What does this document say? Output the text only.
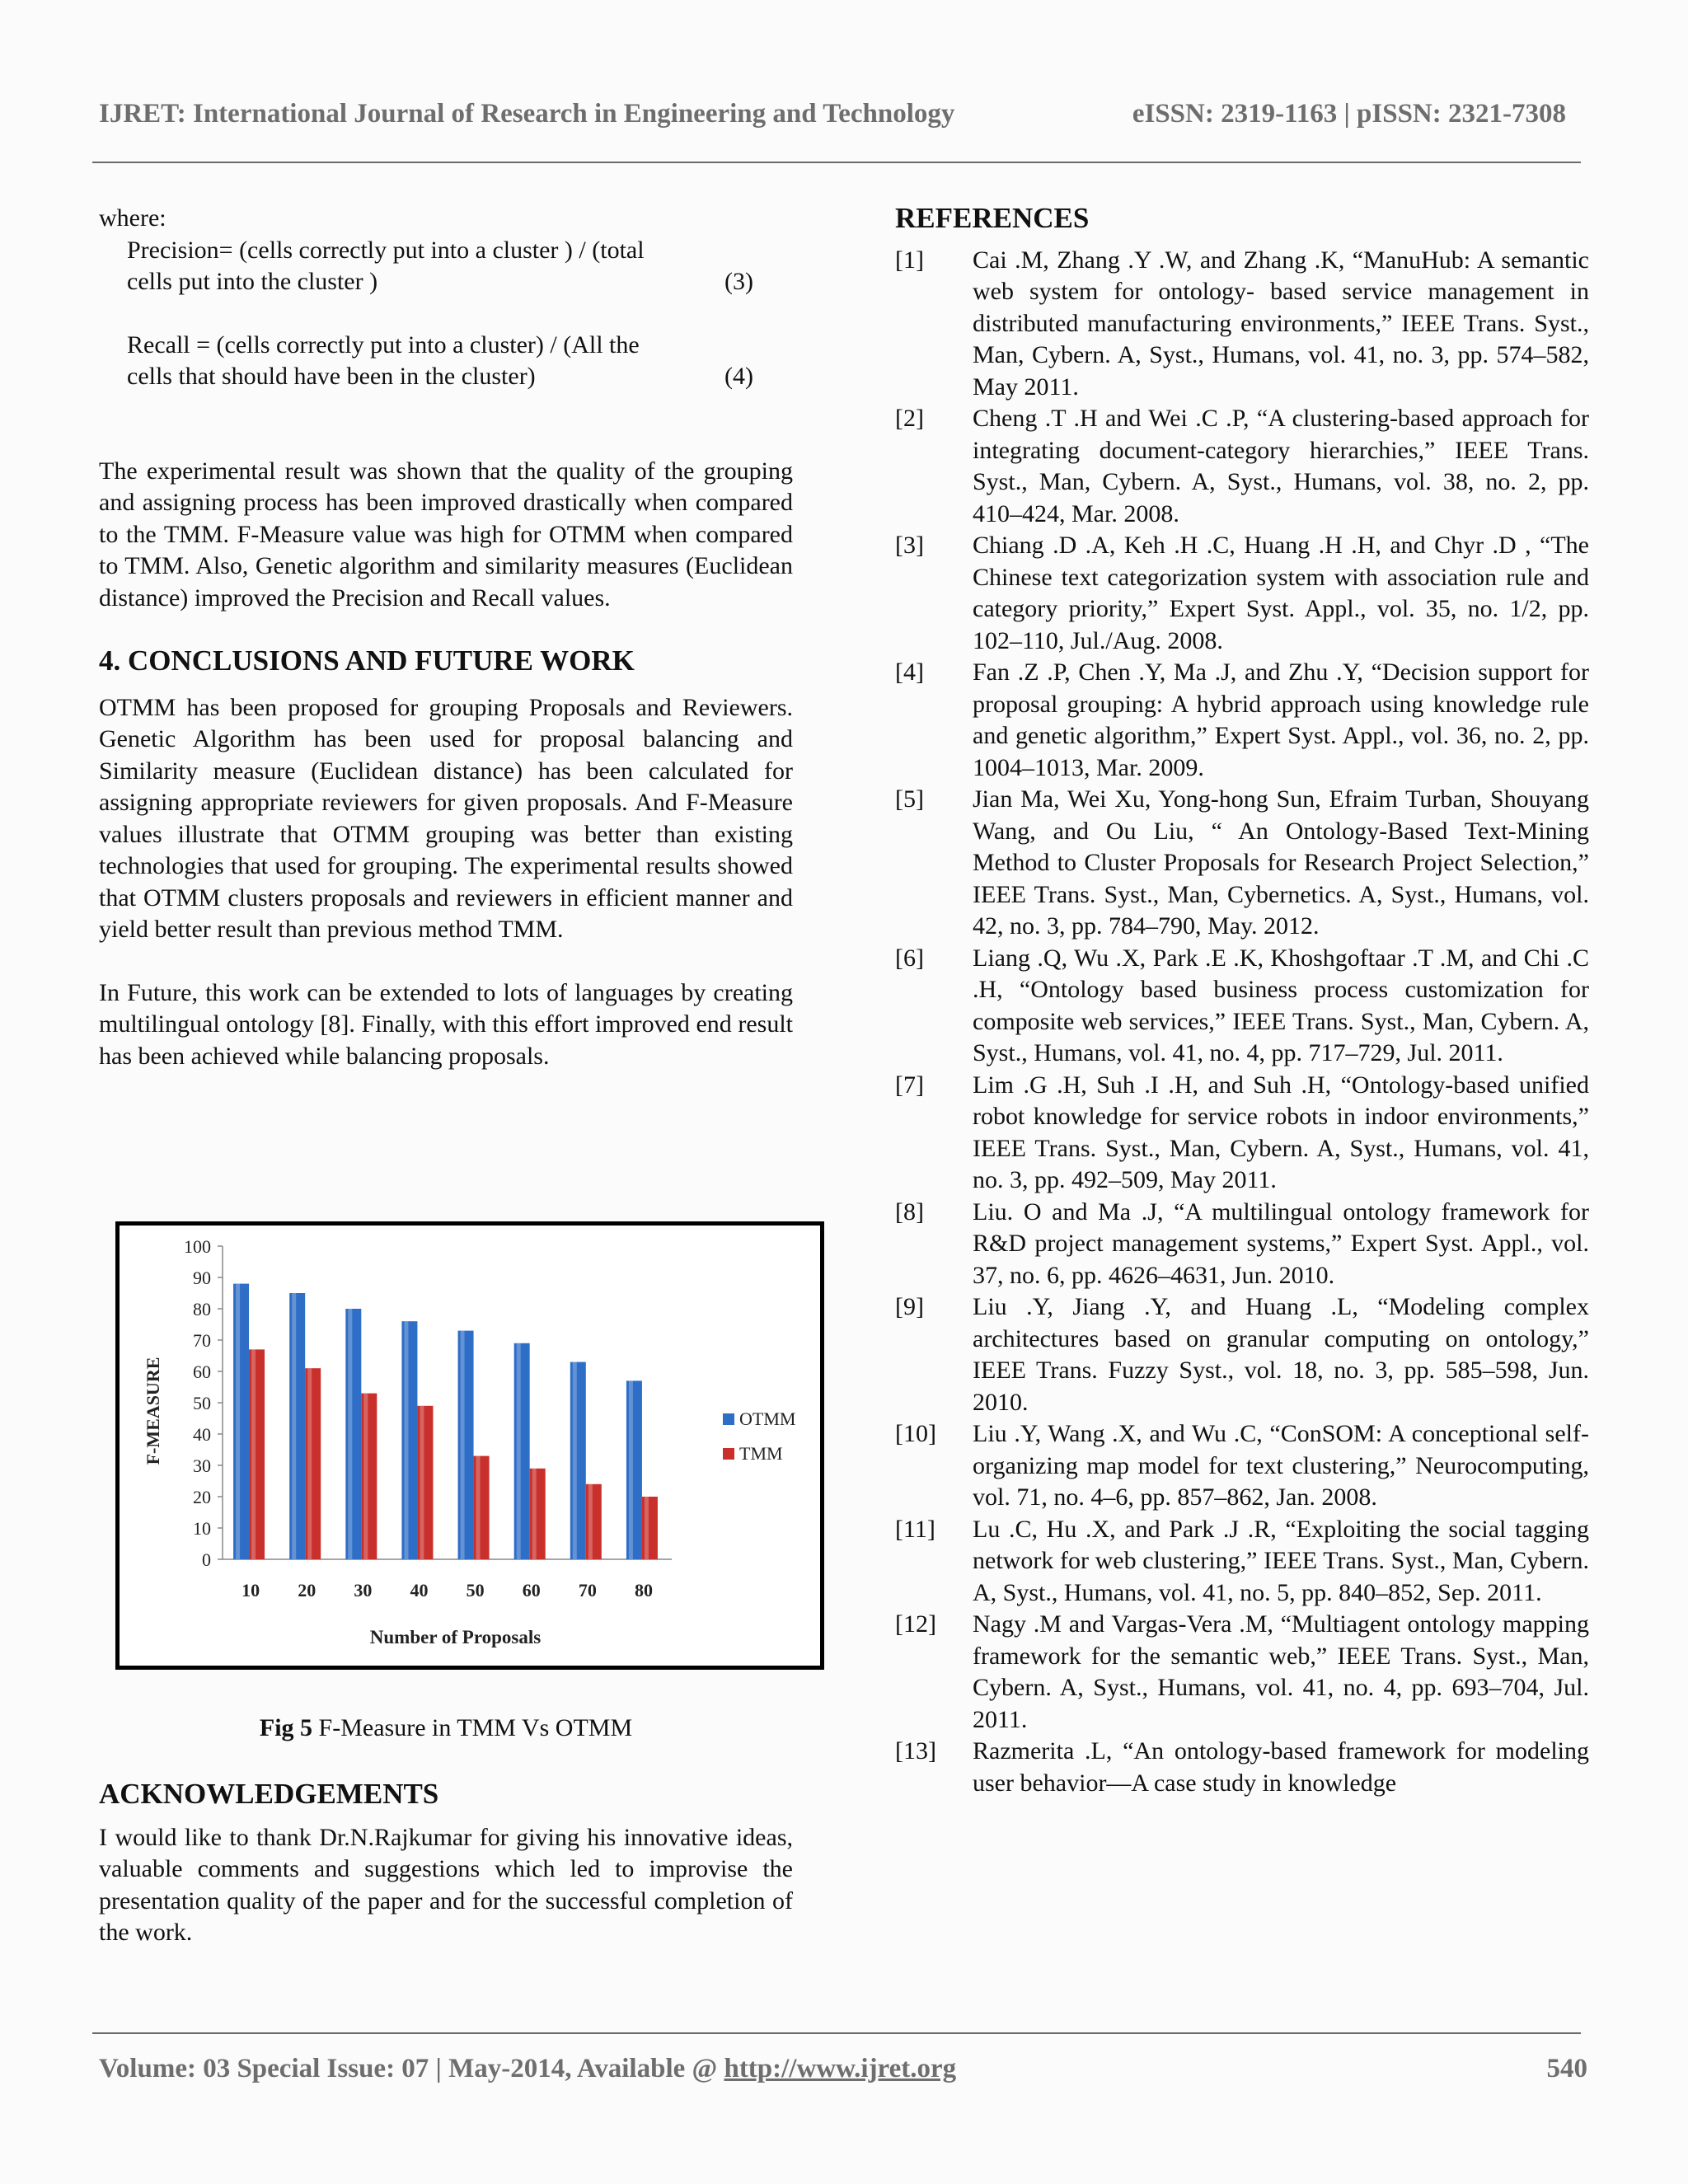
IJRET: International Journal of Research in Engineering and Technology	eISSN: 2319-1163 | pISSN: 2321-7308

where:

Precision= (cells correctly put into a cluster ) / (total cells put into the cluster )	(3)
Recall = (cells correctly put into a cluster) / (All the cells that should have been in the cluster)	(4)

The experimental result was shown that the quality of the grouping and assigning process has been improved drastically when compared to the TMM. F-Measure value was high for OTMM when compared to TMM. Also, Genetic algorithm and similarity measures (Euclidean distance) improved the Precision and Recall values.

4. CONCLUSIONS AND FUTURE WORK

OTMM has been proposed for grouping Proposals and Reviewers. Genetic Algorithm has been used for proposal balancing and Similarity measure (Euclidean distance) has been calculated for assigning appropriate reviewers for given proposals. And F-Measure values illustrate that OTMM grouping was better than existing technologies that used for grouping. The experimental results showed that OTMM clusters proposals and reviewers in efficient manner and yield better result than previous method TMM.

In Future, this work can be extended to lots of languages by creating multilingual ontology [8]. Finally, with this effort improved end result has been achieved while balancing proposals.

0
10
20
30
40
50
60
70
80
90
100
10 20 30 40 50 60 70 80
Number of Proposals
F-MEASURE	OTMM
TMM
Fig 5 F-Measure in TMM Vs OTMM
ACKNOWLEDGEMENTS

I would like to thank Dr.N.Rajkumar for giving his innovative ideas, valuable comments and suggestions which led to improvise the presentation quality of the paper and for the successful completion of the work.

REFERENCES
[1] Cai .M, Zhang .Y .W, and Zhang .K, “ManuHub: A semantic web system for ontology- based service management in distributed manufacturing environments,” IEEE Trans. Syst., Man, Cybern. A, Syst., Humans, vol. 41, no. 3, pp. 574–582, May 2011.
[2] Cheng .T .H and Wei .C .P, “A clustering-based approach for integrating document-category hierarchies,” IEEE Trans. Syst., Man, Cybern. A, Syst., Humans, vol. 38, no. 2, pp. 410–424, Mar. 2008.
[3] Chiang .D .A, Keh .H .C, Huang .H .H, and Chyr .D , “The Chinese text categorization system with association rule and category priority,” Expert Syst. Appl., vol. 35, no. 1/2, pp. 102–110, Jul./Aug. 2008.
[4] Fan .Z .P, Chen .Y, Ma .J, and Zhu .Y, “Decision support for proposal grouping: A hybrid approach using knowledge rule and genetic algorithm,” Expert Syst. Appl., vol. 36, no. 2, pp. 1004–1013, Mar. 2009.
[5] Jian Ma, Wei Xu, Yong-hong Sun, Efraim Turban, Shouyang Wang, and Ou Liu, “ An Ontology-Based Text-Mining Method to Cluster Proposals for Research Project Selection,” IEEE Trans. Syst., Man, Cybernetics. A, Syst., Humans, vol. 42, no. 3, pp. 784–790, May. 2012.
[6] Liang .Q, Wu .X, Park .E .K, Khoshgoftaar .T .M, and Chi .C .H, “Ontology based business process customization for composite web services,” IEEE Trans. Syst., Man, Cybern. A, Syst., Humans, vol. 41, no. 4, pp. 717–729, Jul. 2011.
[7] Lim .G .H, Suh .I .H, and Suh .H, “Ontology-based unified robot knowledge for service robots in indoor environments,” IEEE Trans. Syst., Man, Cybern. A, Syst., Humans, vol. 41, no. 3, pp. 492–509, May 2011.
[8] Liu. O and Ma .J, “A multilingual ontology framework for R&D project management systems,” Expert Syst. Appl., vol. 37, no. 6, pp. 4626–4631, Jun. 2010.
[9] Liu .Y, Jiang .Y, and Huang .L, “Modeling complex architectures based on granular computing on ontology,” IEEE Trans. Fuzzy Syst., vol. 18, no. 3, pp. 585–598, Jun. 2010.
[10] Liu .Y, Wang .X, and Wu .C, “ConSOM: A conceptional self-organizing map model for text clustering,” Neurocomputing, vol. 71, no. 4–6, pp. 857–862, Jan. 2008.
[11] Lu .C, Hu .X, and Park .J .R, “Exploiting the social tagging network for web clustering,” IEEE Trans. Syst., Man, Cybern. A, Syst., Humans, vol. 41, no. 5, pp. 840–852, Sep. 2011.
[12] Nagy .M and Vargas-Vera .M, “Multiagent ontology mapping framework for the semantic web,” IEEE Trans. Syst., Man, Cybern. A, Syst., Humans, vol. 41, no. 4, pp. 693–704, Jul. 2011.
[13] Razmerita .L, “An ontology-based framework for modeling user behavior—A case study in knowledge
Volume: 03 Special Issue: 07 | May-2014, Available @ http://www.ijret.org	540
